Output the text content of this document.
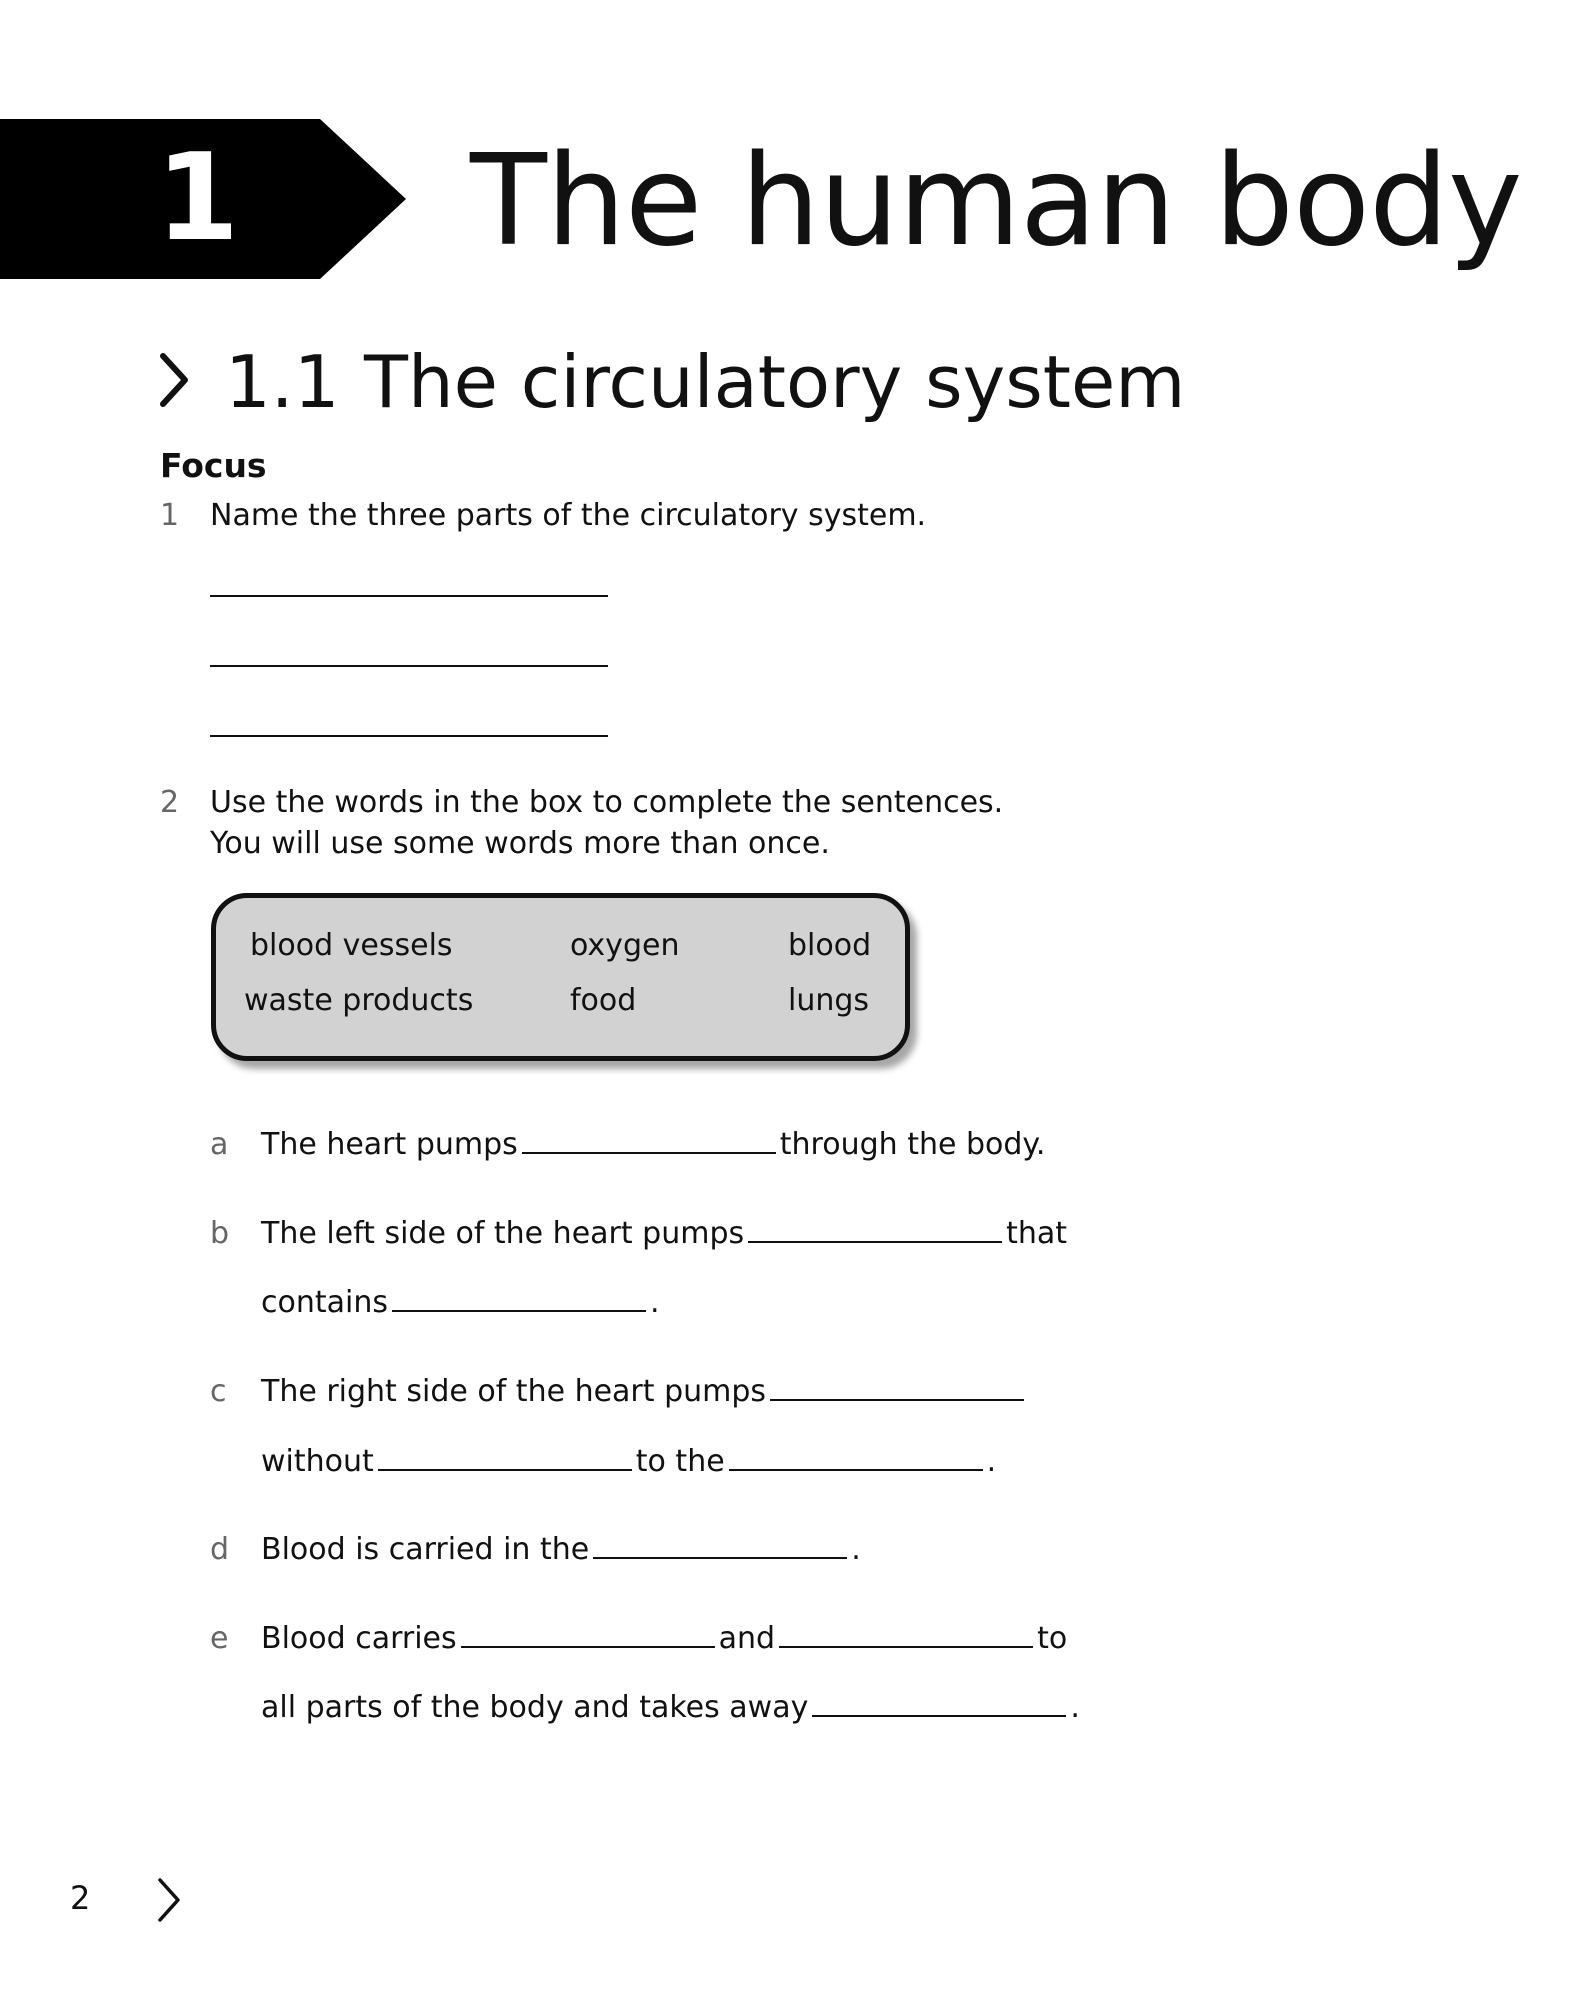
1	The human body
1.1 The circulatory system
Focus
1 Name the three parts of the circulatory system.
2 Use the words in the box to complete the sentences.
You will use some words more than once.
blood vessels	oxygen	blood
waste products	food	lungs
a The heart pumps	through the body.
b The left side of the heart pumps	that
contains	.
c The right side of the heart pumps
without	to the	.
d Blood is carried in the	.
e Blood carries	and	to
all parts of the body and takes away	.
2
